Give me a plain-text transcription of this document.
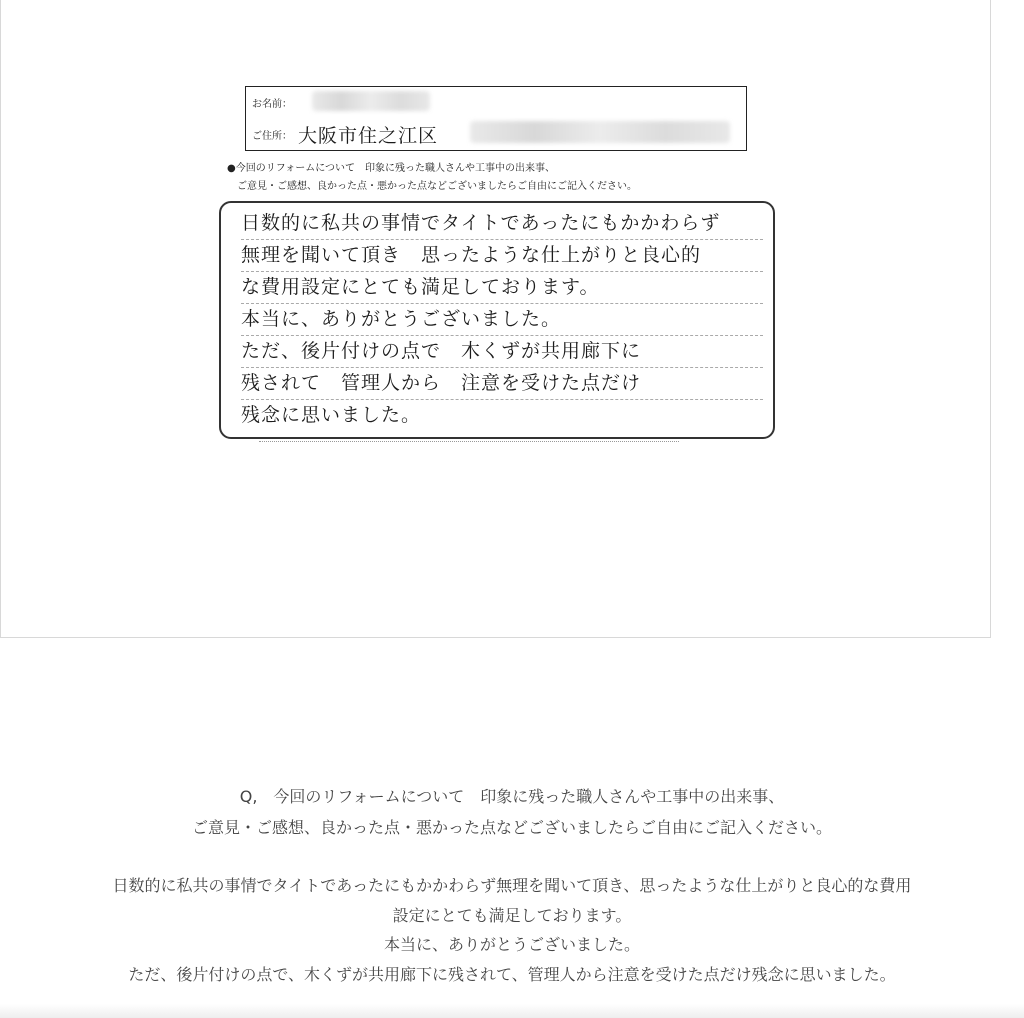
お名前：
ご住所： 大阪市住之江区
●今回のリフォームについて　印象に残った職人さんや工事中の出来事、
ご意見・ご感想、良かった点・悪かった点などございましたらご自由にご記入ください。
日数的に私共の事情でタイトであったにもかかわらず
無理を聞いて頂き　思ったような仕上がりと良心的
な費用設定にとても満足しております。
本当に、ありがとうございました。
ただ、後片付けの点で　木くずが共用廊下に
残されて　管理人から　注意を受けた点だけ
残念に思いました。
Q,　今回のリフォームについて　印象に残った職人さんや工事中の出来事、
ご意見・ご感想、良かった点・悪かった点などございましたらご自由にご記入ください。
日数的に私共の事情でタイトであったにもかかわらず無理を聞いて頂き、思ったような仕上がりと良心的な費用
設定にとても満足しております。
本当に、ありがとうございました。
ただ、後片付けの点で、木くずが共用廊下に残されて、管理人から注意を受けた点だけ残念に思いました。
